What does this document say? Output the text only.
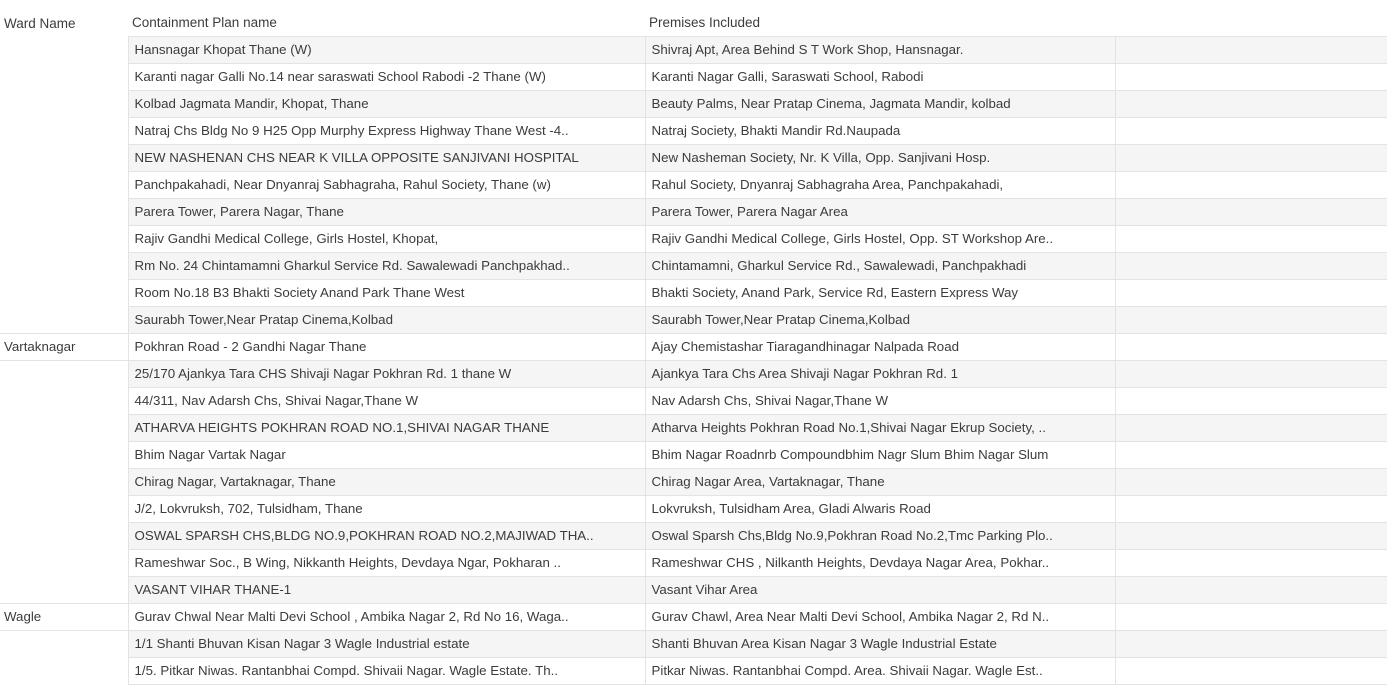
Ward Name	Containment Plan name	Premises Included	
	Hansnagar Khopat Thane (W)	Shivraj Apt, Area Behind S T Work Shop, Hansnagar.	
	Karanti nagar Galli No.14 near saraswati School Rabodi -2 Thane (W)	Karanti Nagar Galli, Saraswati School, Rabodi	
	Kolbad Jagmata Mandir, Khopat, Thane	Beauty Palms, Near Pratap Cinema, Jagmata Mandir, kolbad	
	Natraj Chs Bldg No 9 H25 Opp Murphy Express Highway Thane West -4..	Natraj Society, Bhakti Mandir Rd.Naupada	
	NEW NASHENAN CHS NEAR K VILLA OPPOSITE SANJIVANI HOSPITAL	New Nasheman Society, Nr. K Villa, Opp. Sanjivani Hosp.	
	Panchpakahadi, Near Dnyanraj Sabhagraha, Rahul Society, Thane (w)	Rahul Society, Dnyanraj Sabhagraha Area, Panchpakahadi,	
	Parera Tower, Parera Nagar, Thane	Parera Tower, Parera Nagar Area	
	Rajiv Gandhi Medical College, Girls Hostel, Khopat,	Rajiv Gandhi Medical College, Girls Hostel, Opp. ST Workshop Are..	
	Rm No. 24 Chintamamni Gharkul Service Rd. Sawalewadi Panchpakhad..	Chintamamni, Gharkul Service Rd., Sawalewadi, Panchpakhadi	
	Room No.18 B3 Bhakti Society Anand Park Thane West	Bhakti Society, Anand Park, Service Rd, Eastern Express Way	
	Saurabh Tower,Near Pratap Cinema,Kolbad	Saurabh Tower,Near Pratap Cinema,Kolbad	
Vartaknagar	Pokhran Road - 2 Gandhi Nagar Thane	Ajay Chemistashar Tiaragandhinagar Nalpada Road	
	25/170 Ajankya Tara CHS Shivaji Nagar Pokhran Rd. 1 thane W	Ajankya Tara Chs Area Shivaji Nagar Pokhran Rd. 1	
	44/311, Nav Adarsh Chs, Shivai Nagar,Thane W	Nav Adarsh Chs, Shivai Nagar,Thane W	
	ATHARVA HEIGHTS POKHRAN ROAD NO.1,SHIVAI NAGAR THANE	Atharva Heights Pokhran Road No.1,Shivai Nagar Ekrup Society, ..	
	Bhim Nagar Vartak Nagar	Bhim Nagar Roadnrb Compoundbhim Nagr Slum Bhim Nagar Slum	
	Chirag Nagar, Vartaknagar, Thane	Chirag Nagar Area, Vartaknagar, Thane	
	J/2, Lokvruksh, 702, Tulsidham, Thane	Lokvruksh, Tulsidham Area, Gladi Alwaris Road	
	OSWAL SPARSH CHS,BLDG NO.9,POKHRAN ROAD NO.2,MAJIWAD THA..	Oswal Sparsh Chs,Bldg No.9,Pokhran Road No.2,Tmc Parking Plo..	
	Rameshwar Soc., B Wing, Nikkanth Heights, Devdaya Ngar, Pokharan ..	Rameshwar CHS , Nilkanth Heights, Devdaya Nagar Area, Pokhar..	
	VASANT VIHAR THANE-1	Vasant Vihar Area	
Wagle	Gurav Chwal Near Malti Devi School , Ambika Nagar 2, Rd No 16, Waga..	Gurav Chawl, Area Near Malti Devi School, Ambika Nagar 2, Rd N..	
	1/1 Shanti Bhuvan Kisan Nagar 3 Wagle Industrial estate	Shanti Bhuvan Area Kisan Nagar 3 Wagle Industrial Estate	
	1/5. Pitkar Niwas. Rantanbhai Compd. Shivaii Nagar. Wagle Estate. Th..	Pitkar Niwas. Rantanbhai Compd. Area. Shivaii Nagar. Wagle Est..	
